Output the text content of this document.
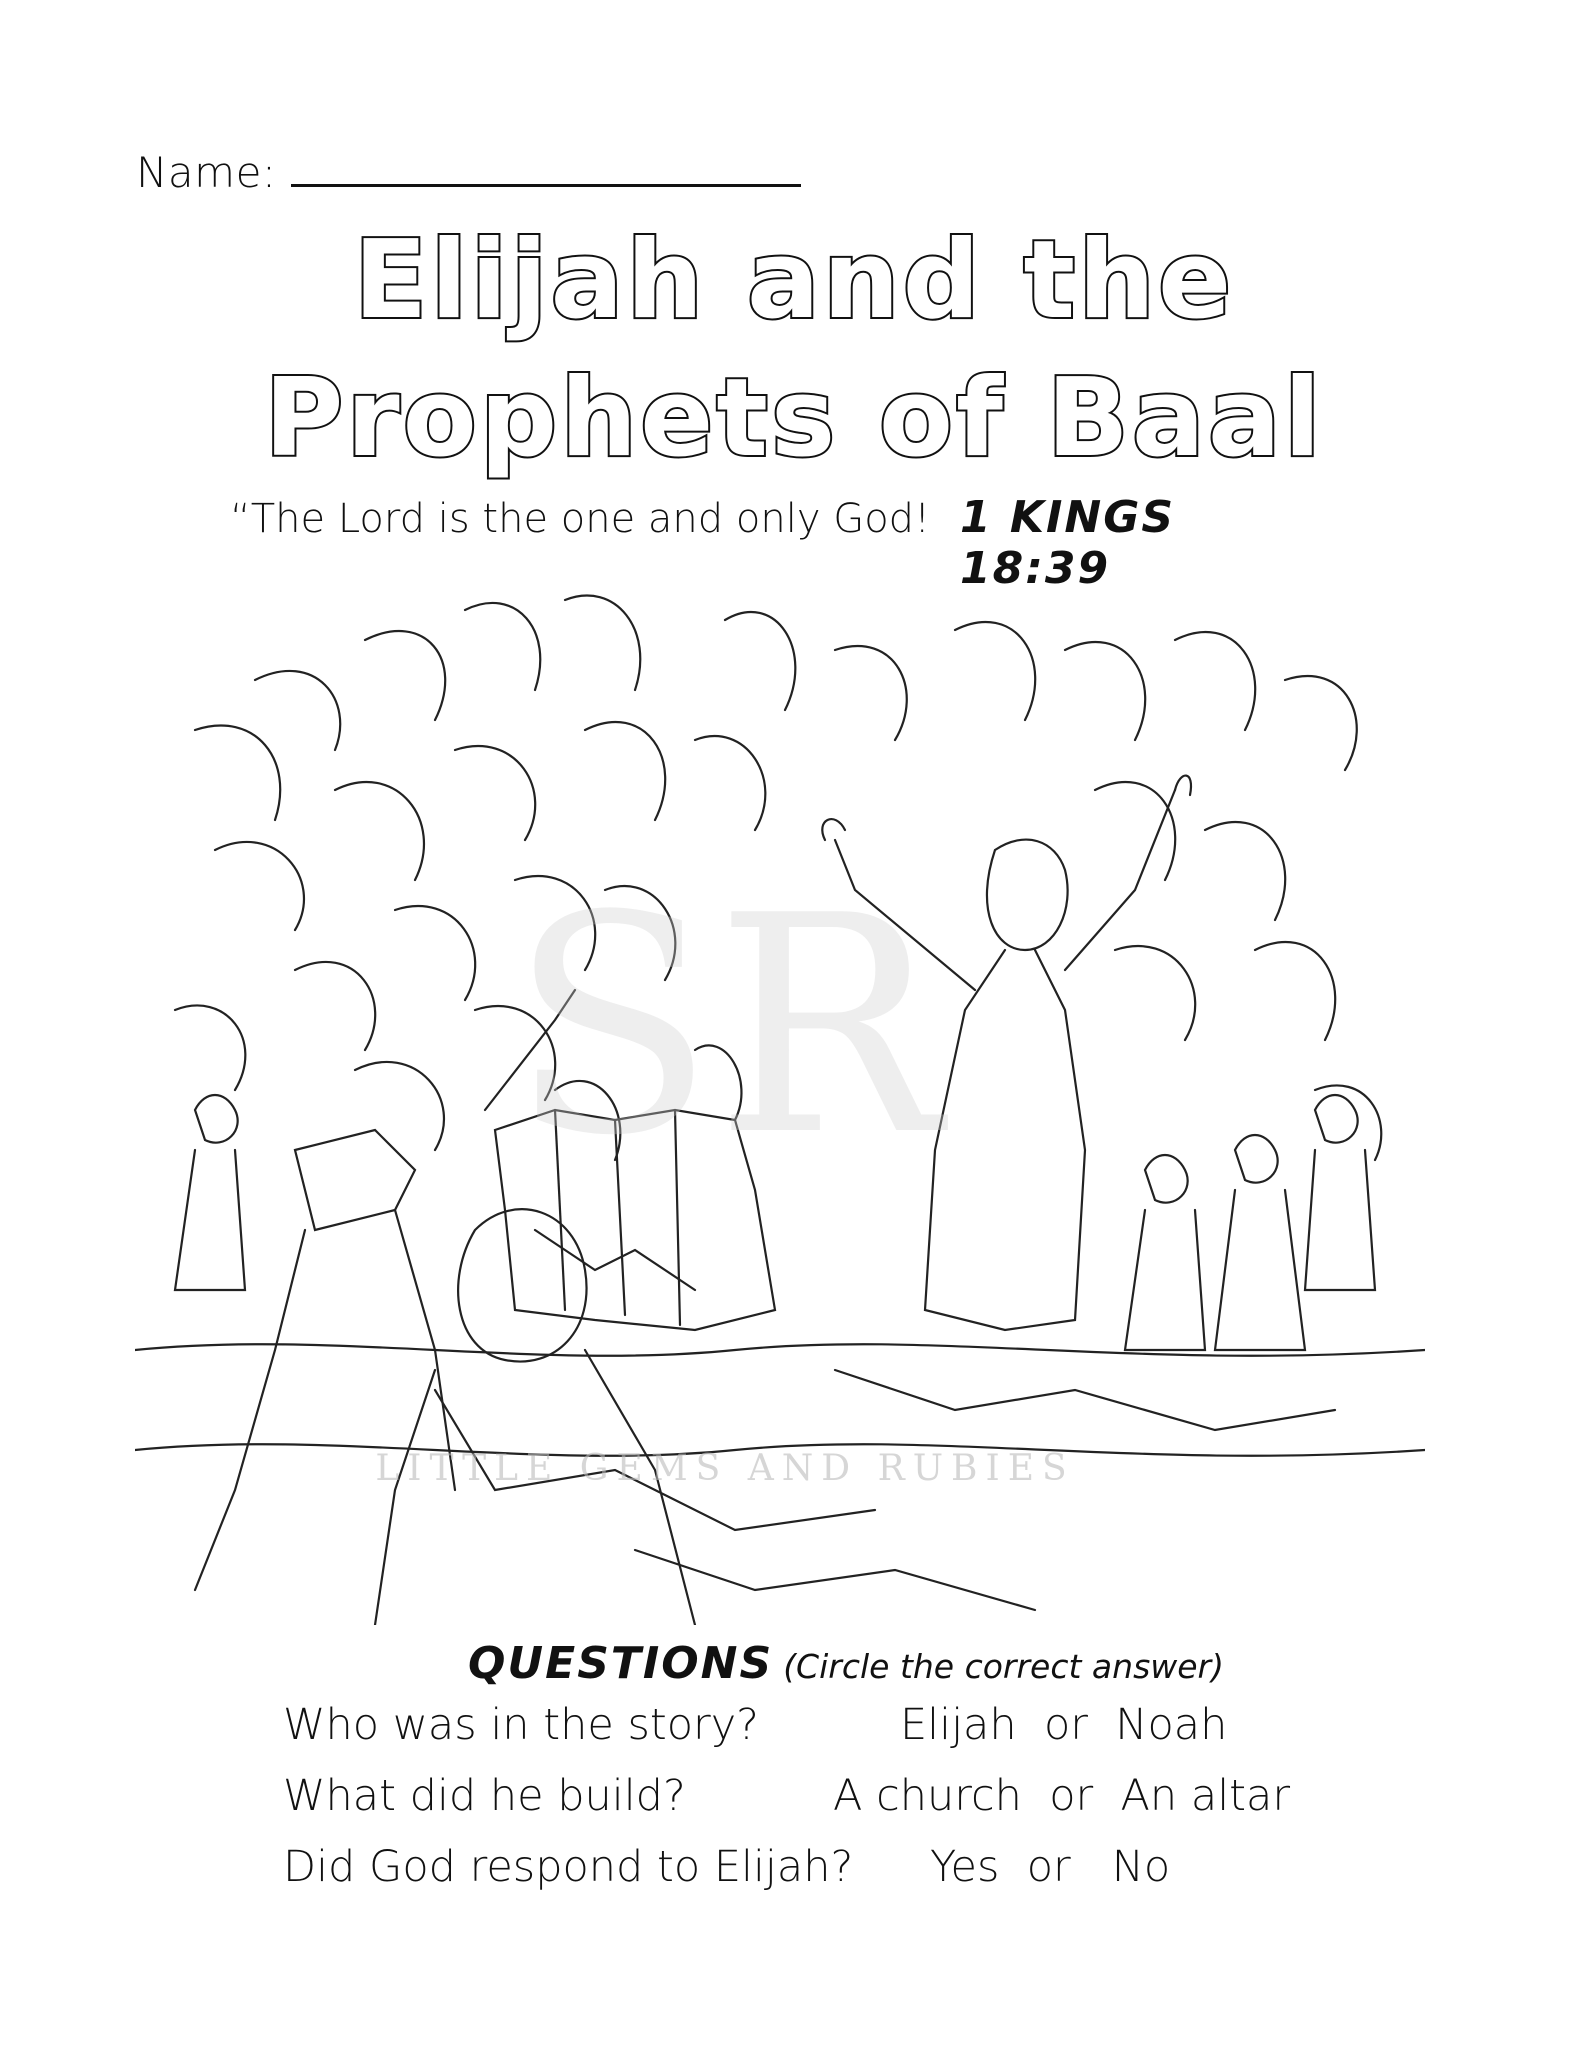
Name:
Elijah and the
Prophets of Baal
“The Lord is the one and only God! 1 KINGS 18:39
SR
LITTLE GEMS AND RUBIES
QUESTIONS (Circle the correct answer)
Who was in the story?	Elijah  or  Noah
What did he build?	A church  or  An altar
Did God respond to Elijah? Yes  or   No
